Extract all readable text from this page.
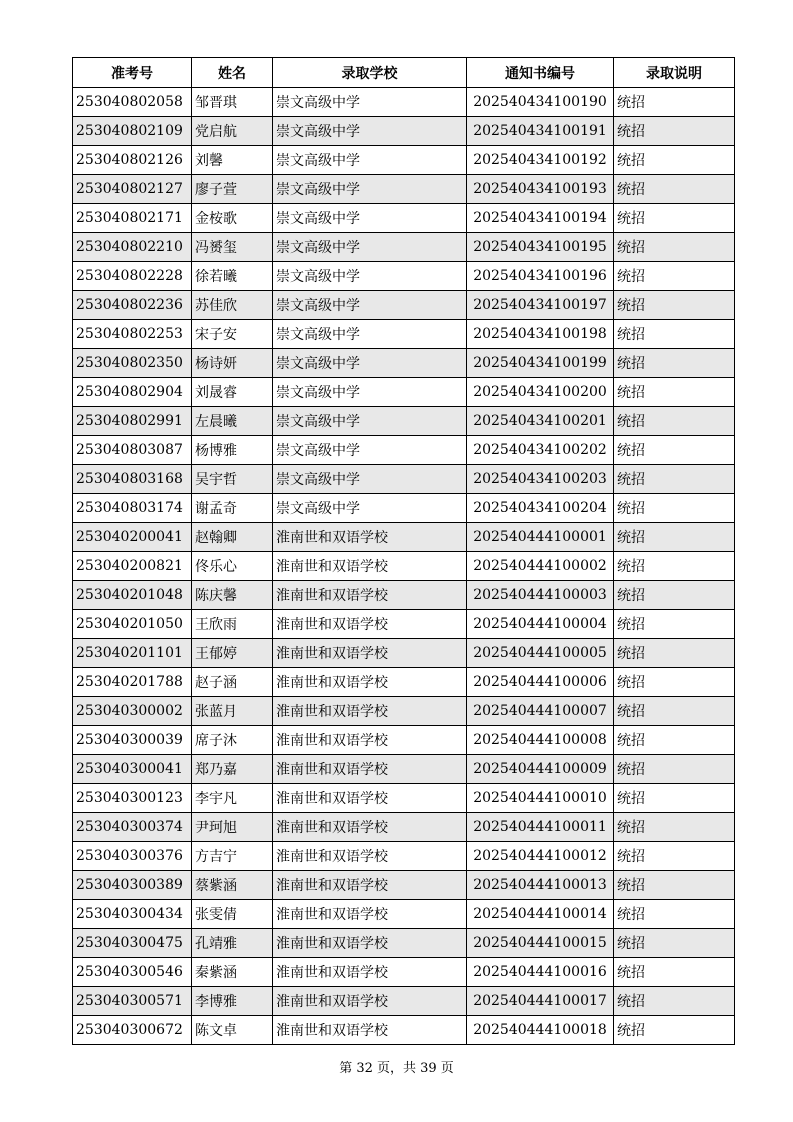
准考号	姓名	录取学校	通知书编号	录取说明
253040802058	邹晋琪	崇文高级中学	202540434100190	统招
253040802109	党启航	崇文高级中学	202540434100191	统招
253040802126	刘馨	崇文高级中学	202540434100192	统招
253040802127	廖子萱	崇文高级中学	202540434100193	统招
253040802171	金桉歌	崇文高级中学	202540434100194	统招
253040802210	冯赟玺	崇文高级中学	202540434100195	统招
253040802228	徐若曦	崇文高级中学	202540434100196	统招
253040802236	苏佳欣	崇文高级中学	202540434100197	统招
253040802253	宋子安	崇文高级中学	202540434100198	统招
253040802350	杨诗妍	崇文高级中学	202540434100199	统招
253040802904	刘晟睿	崇文高级中学	202540434100200	统招
253040802991	左晨曦	崇文高级中学	202540434100201	统招
253040803087	杨博雅	崇文高级中学	202540434100202	统招
253040803168	吴宇哲	崇文高级中学	202540434100203	统招
253040803174	谢孟奇	崇文高级中学	202540434100204	统招
253040200041	赵翰卿	淮南世和双语学校	202540444100001	统招
253040200821	佟乐心	淮南世和双语学校	202540444100002	统招
253040201048	陈庆馨	淮南世和双语学校	202540444100003	统招
253040201050	王欣雨	淮南世和双语学校	202540444100004	统招
253040201101	王郁婷	淮南世和双语学校	202540444100005	统招
253040201788	赵子涵	淮南世和双语学校	202540444100006	统招
253040300002	张蓝月	淮南世和双语学校	202540444100007	统招
253040300039	席子沐	淮南世和双语学校	202540444100008	统招
253040300041	郑乃嘉	淮南世和双语学校	202540444100009	统招
253040300123	李宇凡	淮南世和双语学校	202540444100010	统招
253040300374	尹珂旭	淮南世和双语学校	202540444100011	统招
253040300376	方吉宁	淮南世和双语学校	202540444100012	统招
253040300389	蔡紫涵	淮南世和双语学校	202540444100013	统招
253040300434	张雯倩	淮南世和双语学校	202540444100014	统招
253040300475	孔靖雅	淮南世和双语学校	202540444100015	统招
253040300546	秦紫涵	淮南世和双语学校	202540444100016	统招
253040300571	李博雅	淮南世和双语学校	202540444100017	统招
253040300672	陈文卓	淮南世和双语学校	202540444100018	统招
第 32 页，共 39 页
